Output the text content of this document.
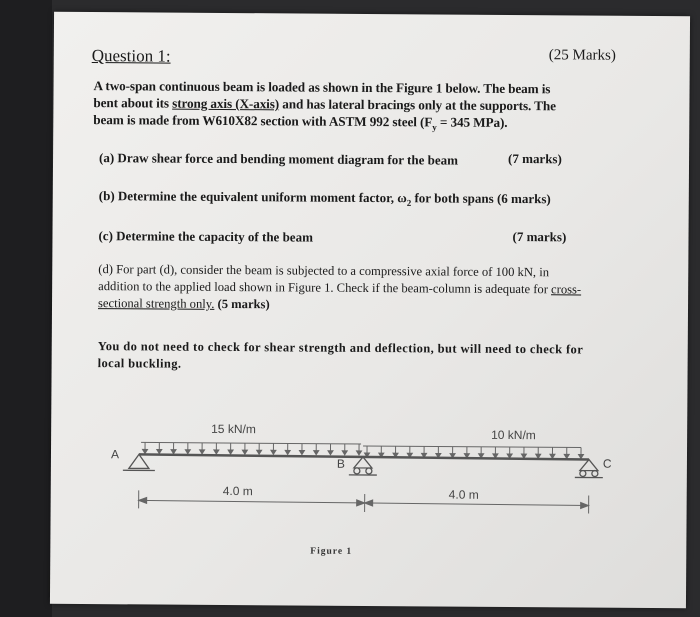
Question 1:	(25 Marks)
A two-span continuous beam is loaded as shown in the Figure 1 below. The beam is
bent about its strong axis (X-axis) and has lateral bracings only at the supports. The
beam is made from W610X82 section with ASTM 992 steel ($F_y = 345$ MPa).
(a) Draw shear force and bending moment diagram for the beam	(7 marks)
(b) Determine the equivalent uniform moment factor, $\omega_2$ for both spans (6 marks)
(c) Determine the capacity of the beam	(7 marks)
(d) For part (d), consider the beam is subjected to a compressive axial force of 100 kN, in
addition to the applied load shown in Figure 1. Check if the beam-column is adequate for cross-
sectional strength only. (5 marks)
You do not need to check for shear strength and deflection, but will need to check for
local buckling.
15 kN/m	10 kN/m
A
B	C
4.0 m	4.0 m
Figure 1
